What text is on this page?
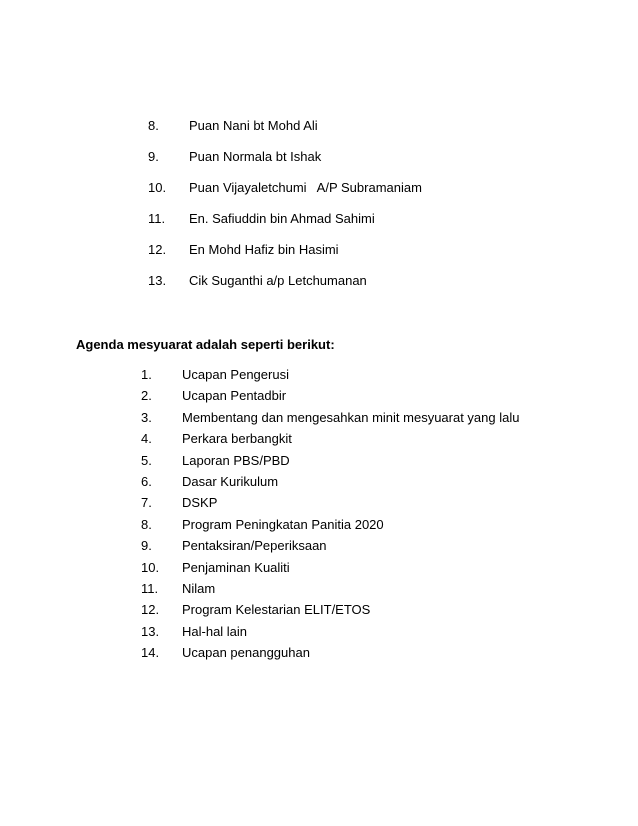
8. Puan Nani bt Mohd Ali
9. Puan Normala bt Ishak
10. Puan Vijayaletchumi   A/P Subramaniam
11. En. Safiuddin bin Ahmad Sahimi
12. En Mohd Hafiz bin Hasimi
13. Cik Suganthi a/p Letchumanan
Agenda mesyuarat adalah seperti berikut:
1. Ucapan Pengerusi
2. Ucapan Pentadbir
3. Membentang dan mengesahkan minit mesyuarat yang lalu
4. Perkara berbangkit
5. Laporan PBS/PBD
6. Dasar Kurikulum
7. DSKP
8. Program Peningkatan Panitia 2020
9. Pentaksiran/Peperiksaan
10. Penjaminan Kualiti
11. Nilam
12. Program Kelestarian ELIT/ETOS
13. Hal-hal lain
14. Ucapan penangguhan
